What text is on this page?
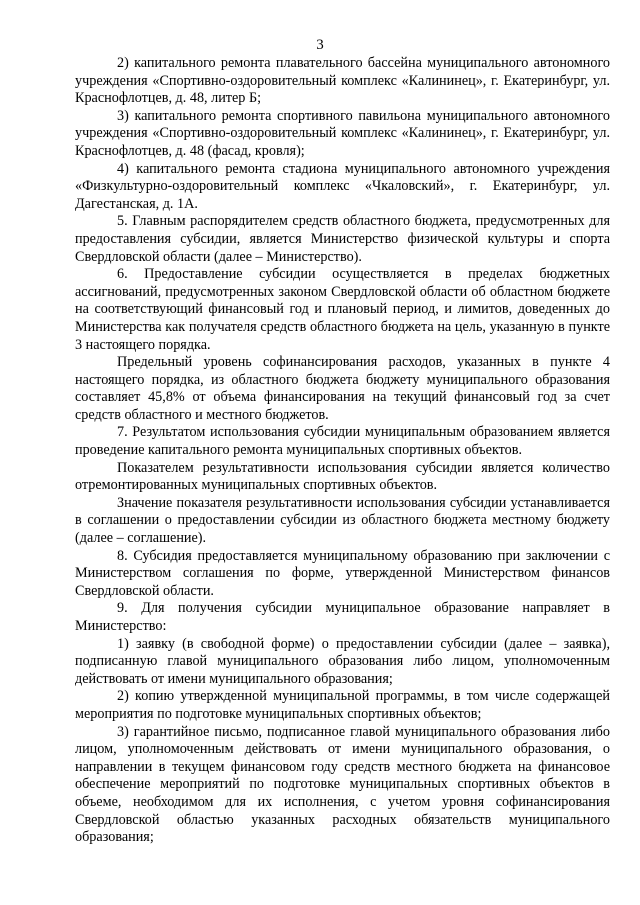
3

2) капитального ремонта плавательного бассейна муниципального автономного учреждения «Спортивно-оздоровительный комплекс «Калининец», г. Екатеринбург, ул. Краснофлотцев, д. 48, литер Б;

3) капитального ремонта спортивного павильона муниципального автономного учреждения «Спортивно-оздоровительный комплекс «Калининец», г. Екатеринбург, ул. Краснофлотцев, д. 48 (фасад, кровля);

4) капитального ремонта стадиона муниципального автономного учреждения «Физкультурно-оздоровительный комплекс «Чкаловский», г. Екатеринбург, ул. Дагестанская, д. 1А.

5. Главным распорядителем средств областного бюджета, предусмотренных для предоставления субсидии, является Министерство физической культуры и спорта Свердловской области (далее – Министерство).

6. Предоставление субсидии осуществляется в пределах бюджетных ассигнований, предусмотренных законом Свердловской области об областном бюджете на соответствующий финансовый год и плановый период, и лимитов, доведенных до Министерства как получателя средств областного бюджета на цель, указанную в пункте 3 настоящего порядка.

Предельный уровень софинансирования расходов, указанных в пункте 4 настоящего порядка, из областного бюджета бюджету муниципального образования составляет 45,8% от объема финансирования на текущий финансовый год за счет средств областного и местного бюджетов.

7. Результатом использования субсидии муниципальным образованием является проведение капитального ремонта муниципальных спортивных объектов.

Показателем результативности использования субсидии является количество отремонтированных муниципальных спортивных объектов.

Значение показателя результативности использования субсидии устанавливается в соглашении о предоставлении субсидии из областного бюджета местному бюджету (далее – соглашение).

8. Субсидия предоставляется муниципальному образованию при заключении с Министерством соглашения по форме, утвержденной Министерством финансов Свердловской области.

9. Для получения субсидии муниципальное образование направляет в Министерство:

1) заявку (в свободной форме) о предоставлении субсидии (далее – заявка), подписанную главой муниципального образования либо лицом, уполномоченным действовать от имени муниципального образования;

2) копию утвержденной муниципальной программы, в том числе содержащей мероприятия по подготовке муниципальных спортивных объектов;

3) гарантийное письмо, подписанное главой муниципального образования либо лицом, уполномоченным действовать от имени муниципального образования, о направлении в текущем финансовом году средств местного бюджета на финансовое обеспечение мероприятий по подготовке муниципальных спортивных объектов в объеме, необходимом для их исполнения, с учетом уровня софинансирования Свердловской областью указанных расходных обязательств муниципального образования;
